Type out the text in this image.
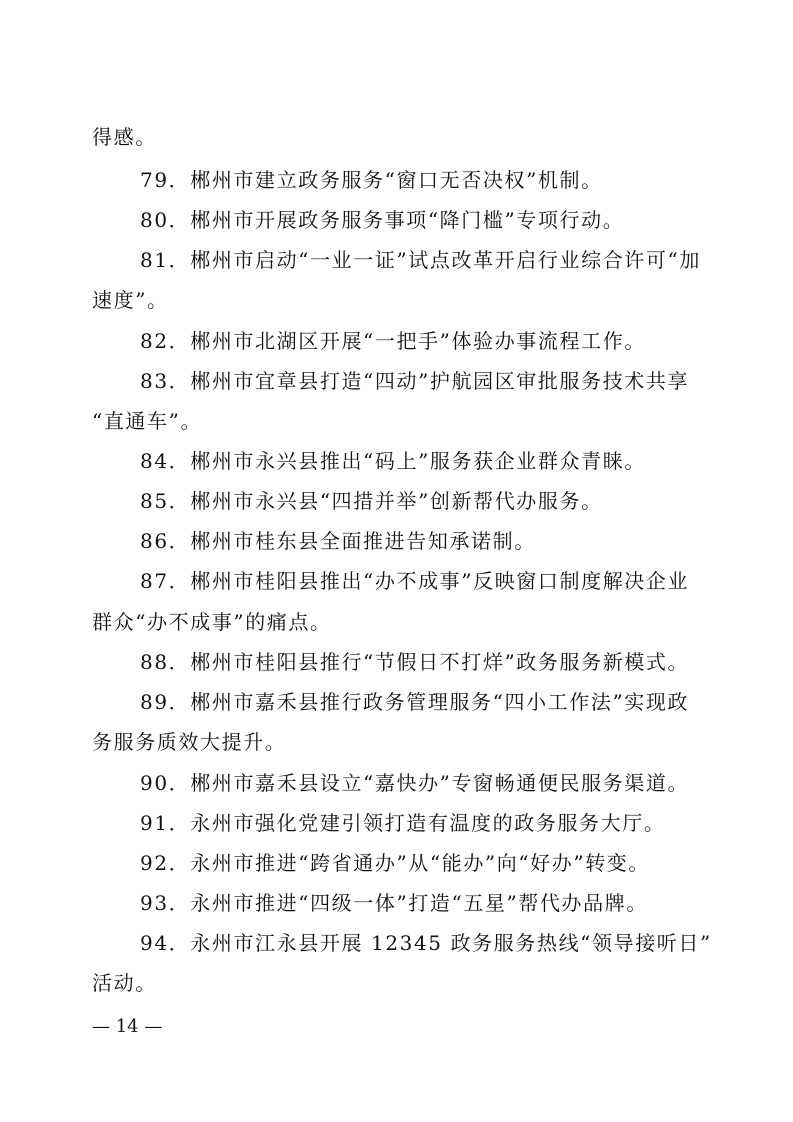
得感。
79．郴州市建立政务服务“窗口无否决权”机制。
80．郴州市开展政务服务事项“降门槛”专项行动。
81．郴州市启动“一业一证”试点改革开启行业综合许可“加
速度”。
82．郴州市北湖区开展“一把手”体验办事流程工作。
83．郴州市宜章县打造“四动”护航园区审批服务技术共享
“直通车”。
84．郴州市永兴县推出“码上”服务获企业群众青睐。
85．郴州市永兴县“四措并举”创新帮代办服务。
86．郴州市桂东县全面推进告知承诺制。
87．郴州市桂阳县推出“办不成事”反映窗口制度解决企业
群众“办不成事”的痛点。
88．郴州市桂阳县推行“节假日不打烊”政务服务新模式。
89．郴州市嘉禾县推行政务管理服务“四小工作法”实现政
务服务质效大提升。
90．郴州市嘉禾县设立“嘉快办”专窗畅通便民服务渠道。
91．永州市强化党建引领打造有温度的政务服务大厅。
92．永州市推进“跨省通办”从“能办”向“好办”转变。
93．永州市推进“四级一体”打造“五星”帮代办品牌。
94．永州市江永县开展 12345 政务服务热线“领导接听日”
活动。
— 14 —
